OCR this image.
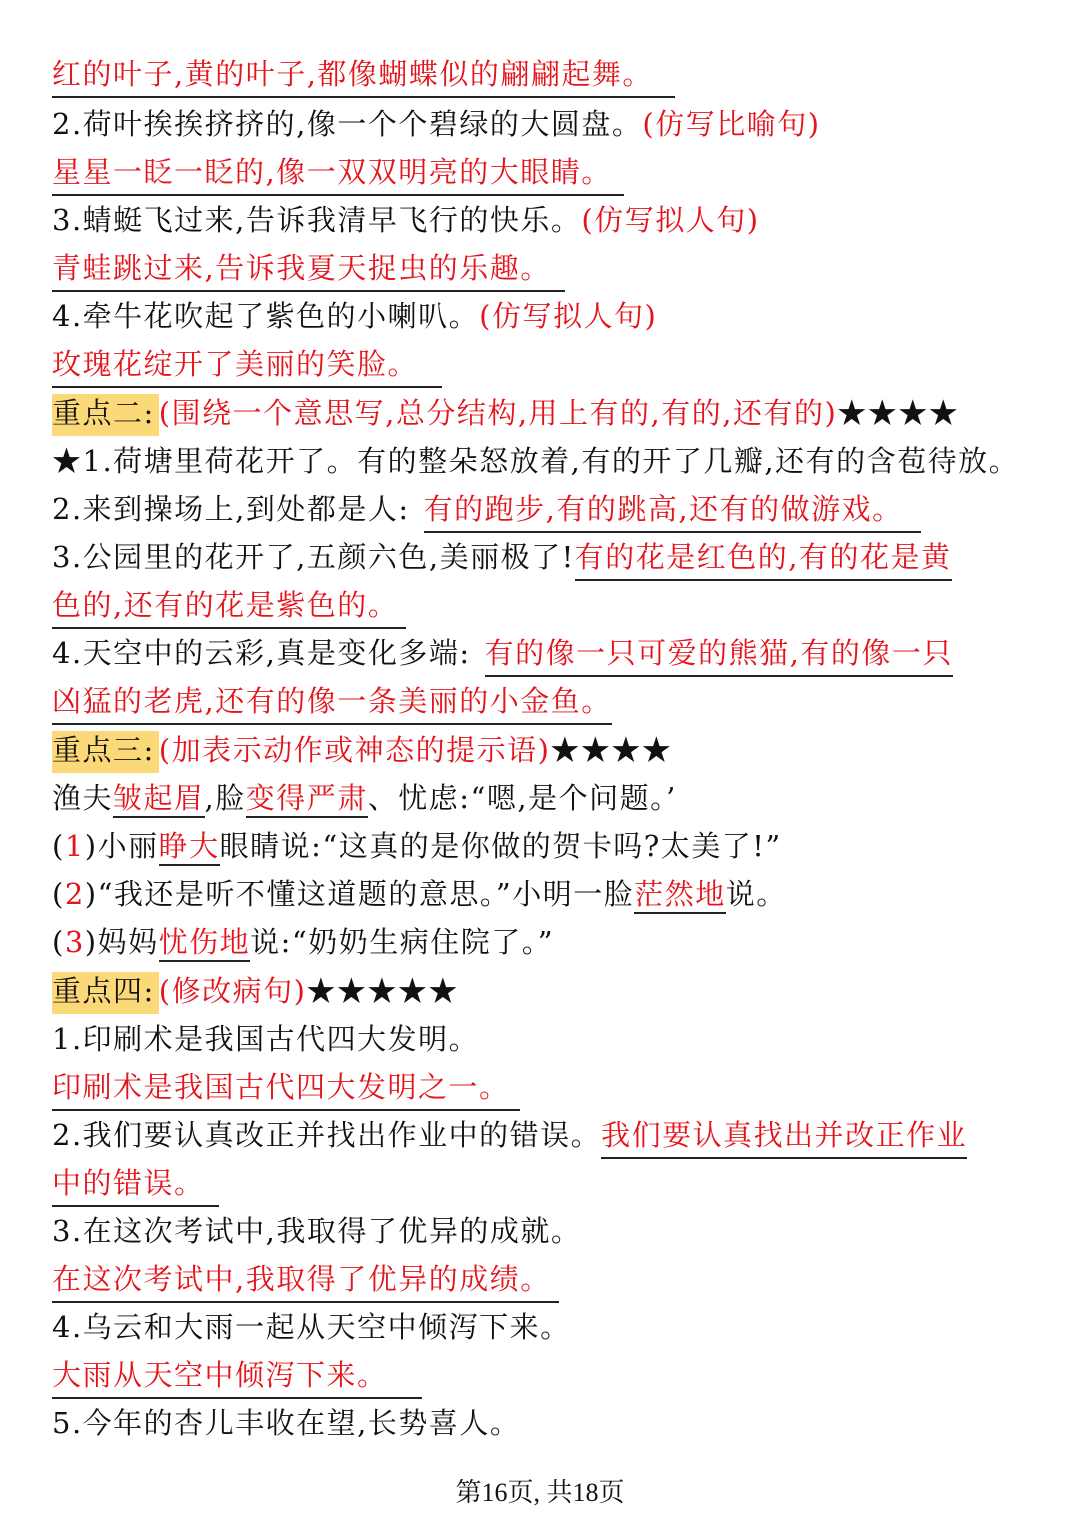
红的叶子,黄的叶子,都像蝴蝶似的翩翩起舞。
2.荷叶挨挨挤挤的,像一个个碧绿的大圆盘。(仿写比喻句)
星星一眨一眨的,像一双双明亮的大眼睛。
3.蜻蜓飞过来,告诉我清早飞行的快乐。(仿写拟人句)
青蛙跳过来,告诉我夏天捉虫的乐趣。
4.牵牛花吹起了紫色的小喇叭。(仿写拟人句)
玫瑰花绽开了美丽的笑脸。
重点二: (围绕一个意思写,总分结构,用上有的,有的,还有的)★★★★
★1.荷塘里荷花开了。有的整朵怒放着,有的开了几瓣,还有的含苞待放。
2.来到操场上,到处都是人: 有的跑步,有的跳高,还有的做游戏。
3.公园里的花开了,五颜六色,美丽极了!有的花是红色的,有的花是黄
色的,还有的花是紫色的。
4.天空中的云彩,真是变化多端: 有的像一只可爱的熊猫,有的像一只
凶猛的老虎,还有的像一条美丽的小金鱼。
重点三: (加表示动作或神态的提示语)★★★★
渔夫皱起眉,脸变得严肃、忧虑:“嗯,是个问题。’
(1)小丽睁大眼睛说:“这真的是你做的贺卡吗?太美了!”
(2)“我还是听不懂这道题的意思。”小明一脸茫然地说。
(3)妈妈忧伤地说:“奶奶生病住院了。”
重点四: (修改病句)★★★★★
1.印刷术是我国古代四大发明。
印刷术是我国古代四大发明之一。
2.我们要认真改正并找出作业中的错误。我们要认真找出并改正作业
中的错误。
3.在这次考试中,我取得了优异的成就。
在这次考试中,我取得了优异的成绩。
4.乌云和大雨一起从天空中倾泻下来。
大雨从天空中倾泻下来。
5.今年的杏儿丰收在望,长势喜人。
第16页, 共18页
